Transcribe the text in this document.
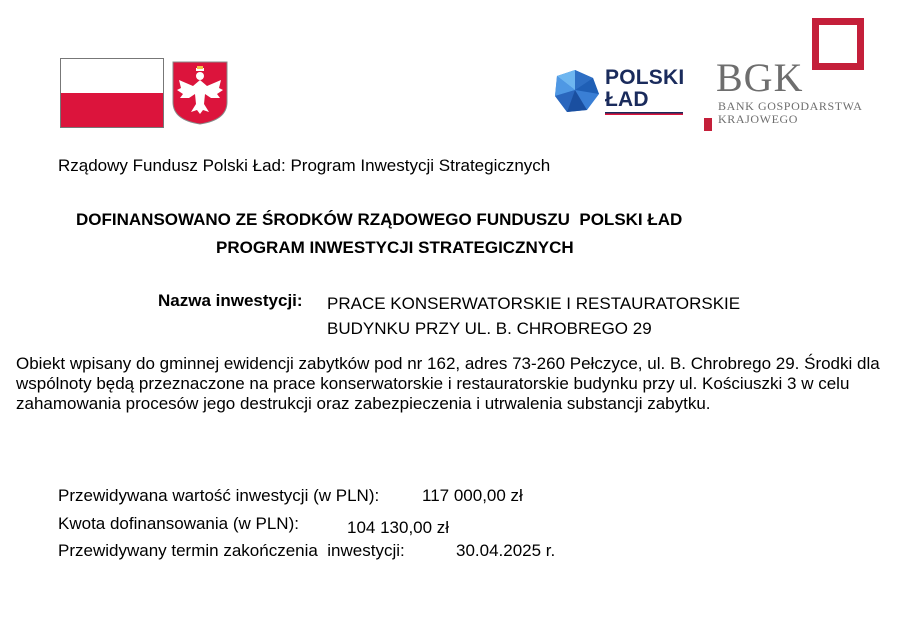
POLSKI
ŁAD	BGK
BANK GOSPODARSTWA
KRAJOWEGO
Rządowy Fundusz Polski Ład: Program Inwestycji Strategicznych
DOFINANSOWANO ZE ŚRODKÓW RZĄDOWEGO FUNDUSZU  POLSKI ŁAD
PROGRAM INWESTYCJI STRATEGICZNYCH
Nazwa inwestycji: PRACE KONSERWATORSKIE I RESTAURATORSKIE
BUDYNKU PRZY UL. B. CHROBREGO 29
Obiekt wpisany do gminnej ewidencji zabytków pod nr 162, adres 73-260 Pełczyce, ul. B. Chrobrego 29. Środki dla wspólnoty będą przeznaczone na prace konserwatorskie i restauratorskie budynku przy ul. Kościuszki 3 w celu zahamowania procesów jego destrukcji oraz zabezpieczenia i utrwalenia substancji zabytku.
Przewidywana wartość inwestycji (w PLN):	117 000,00 zł
Kwota dofinansowania (w PLN):	104 130,00 zł
Przewidywany termin zakończenia  inwestycji:	30.04.2025 r.
